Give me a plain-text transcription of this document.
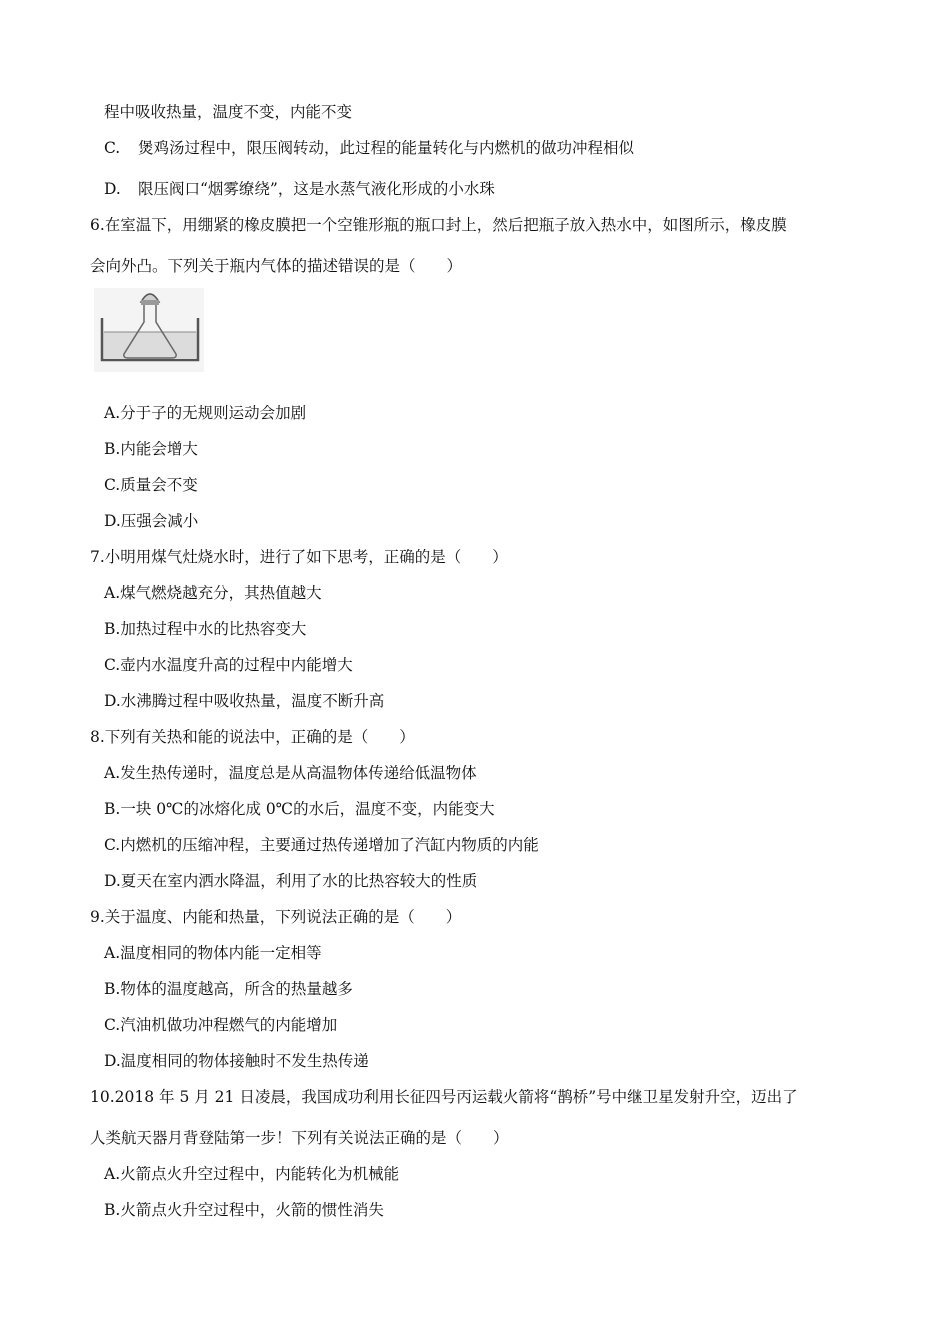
程中吸收热量，温度不变，内能不变
C. 煲鸡汤过程中，限压阀转动，此过程的能量转化与内燃机的做功冲程相似
D. 限压阀口“烟雾缭绕”，这是水蒸气液化形成的小水珠
6.在室温下，用绷紧的橡皮膜把一个空锥形瓶的瓶口封上，然后把瓶子放入热水中，如图所示，橡皮膜
会向外凸。下列关于瓶内气体的描述错误的是（　　）
A.分于子的无规则运动会加剧
B.内能会增大
C.质量会不变
D.压强会减小
7.小明用煤气灶烧水时，进行了如下思考，正确的是（　　）
A.煤气燃烧越充分，其热值越大
B.加热过程中水的比热容变大
C.壶内水温度升高的过程中内能增大
D.水沸腾过程中吸收热量，温度不断升高
8.下列有关热和能的说法中，正确的是（　　）
A.发生热传递时，温度总是从高温物体传递给低温物体
B.一块 0℃的冰熔化成 0℃的水后，温度不变，内能变大
C.内燃机的压缩冲程，主要通过热传递增加了汽缸内物质的内能
D.夏天在室内洒水降温，利用了水的比热容较大的性质
9.关于温度、内能和热量，下列说法正确的是（　　）
A.温度相同的物体内能一定相等
B.物体的温度越高，所含的热量越多
C.汽油机做功冲程燃气的内能增加
D.温度相同的物体接触时不发生热传递
10.2018 年 5 月 21 日凌晨，我国成功利用长征四号丙运载火箭将“鹊桥”号中继卫星发射升空，迈出了
人类航天器月背登陆第一步！下列有关说法正确的是（　　）
A.火箭点火升空过程中，内能转化为机械能
B.火箭点火升空过程中，火箭的惯性消失
